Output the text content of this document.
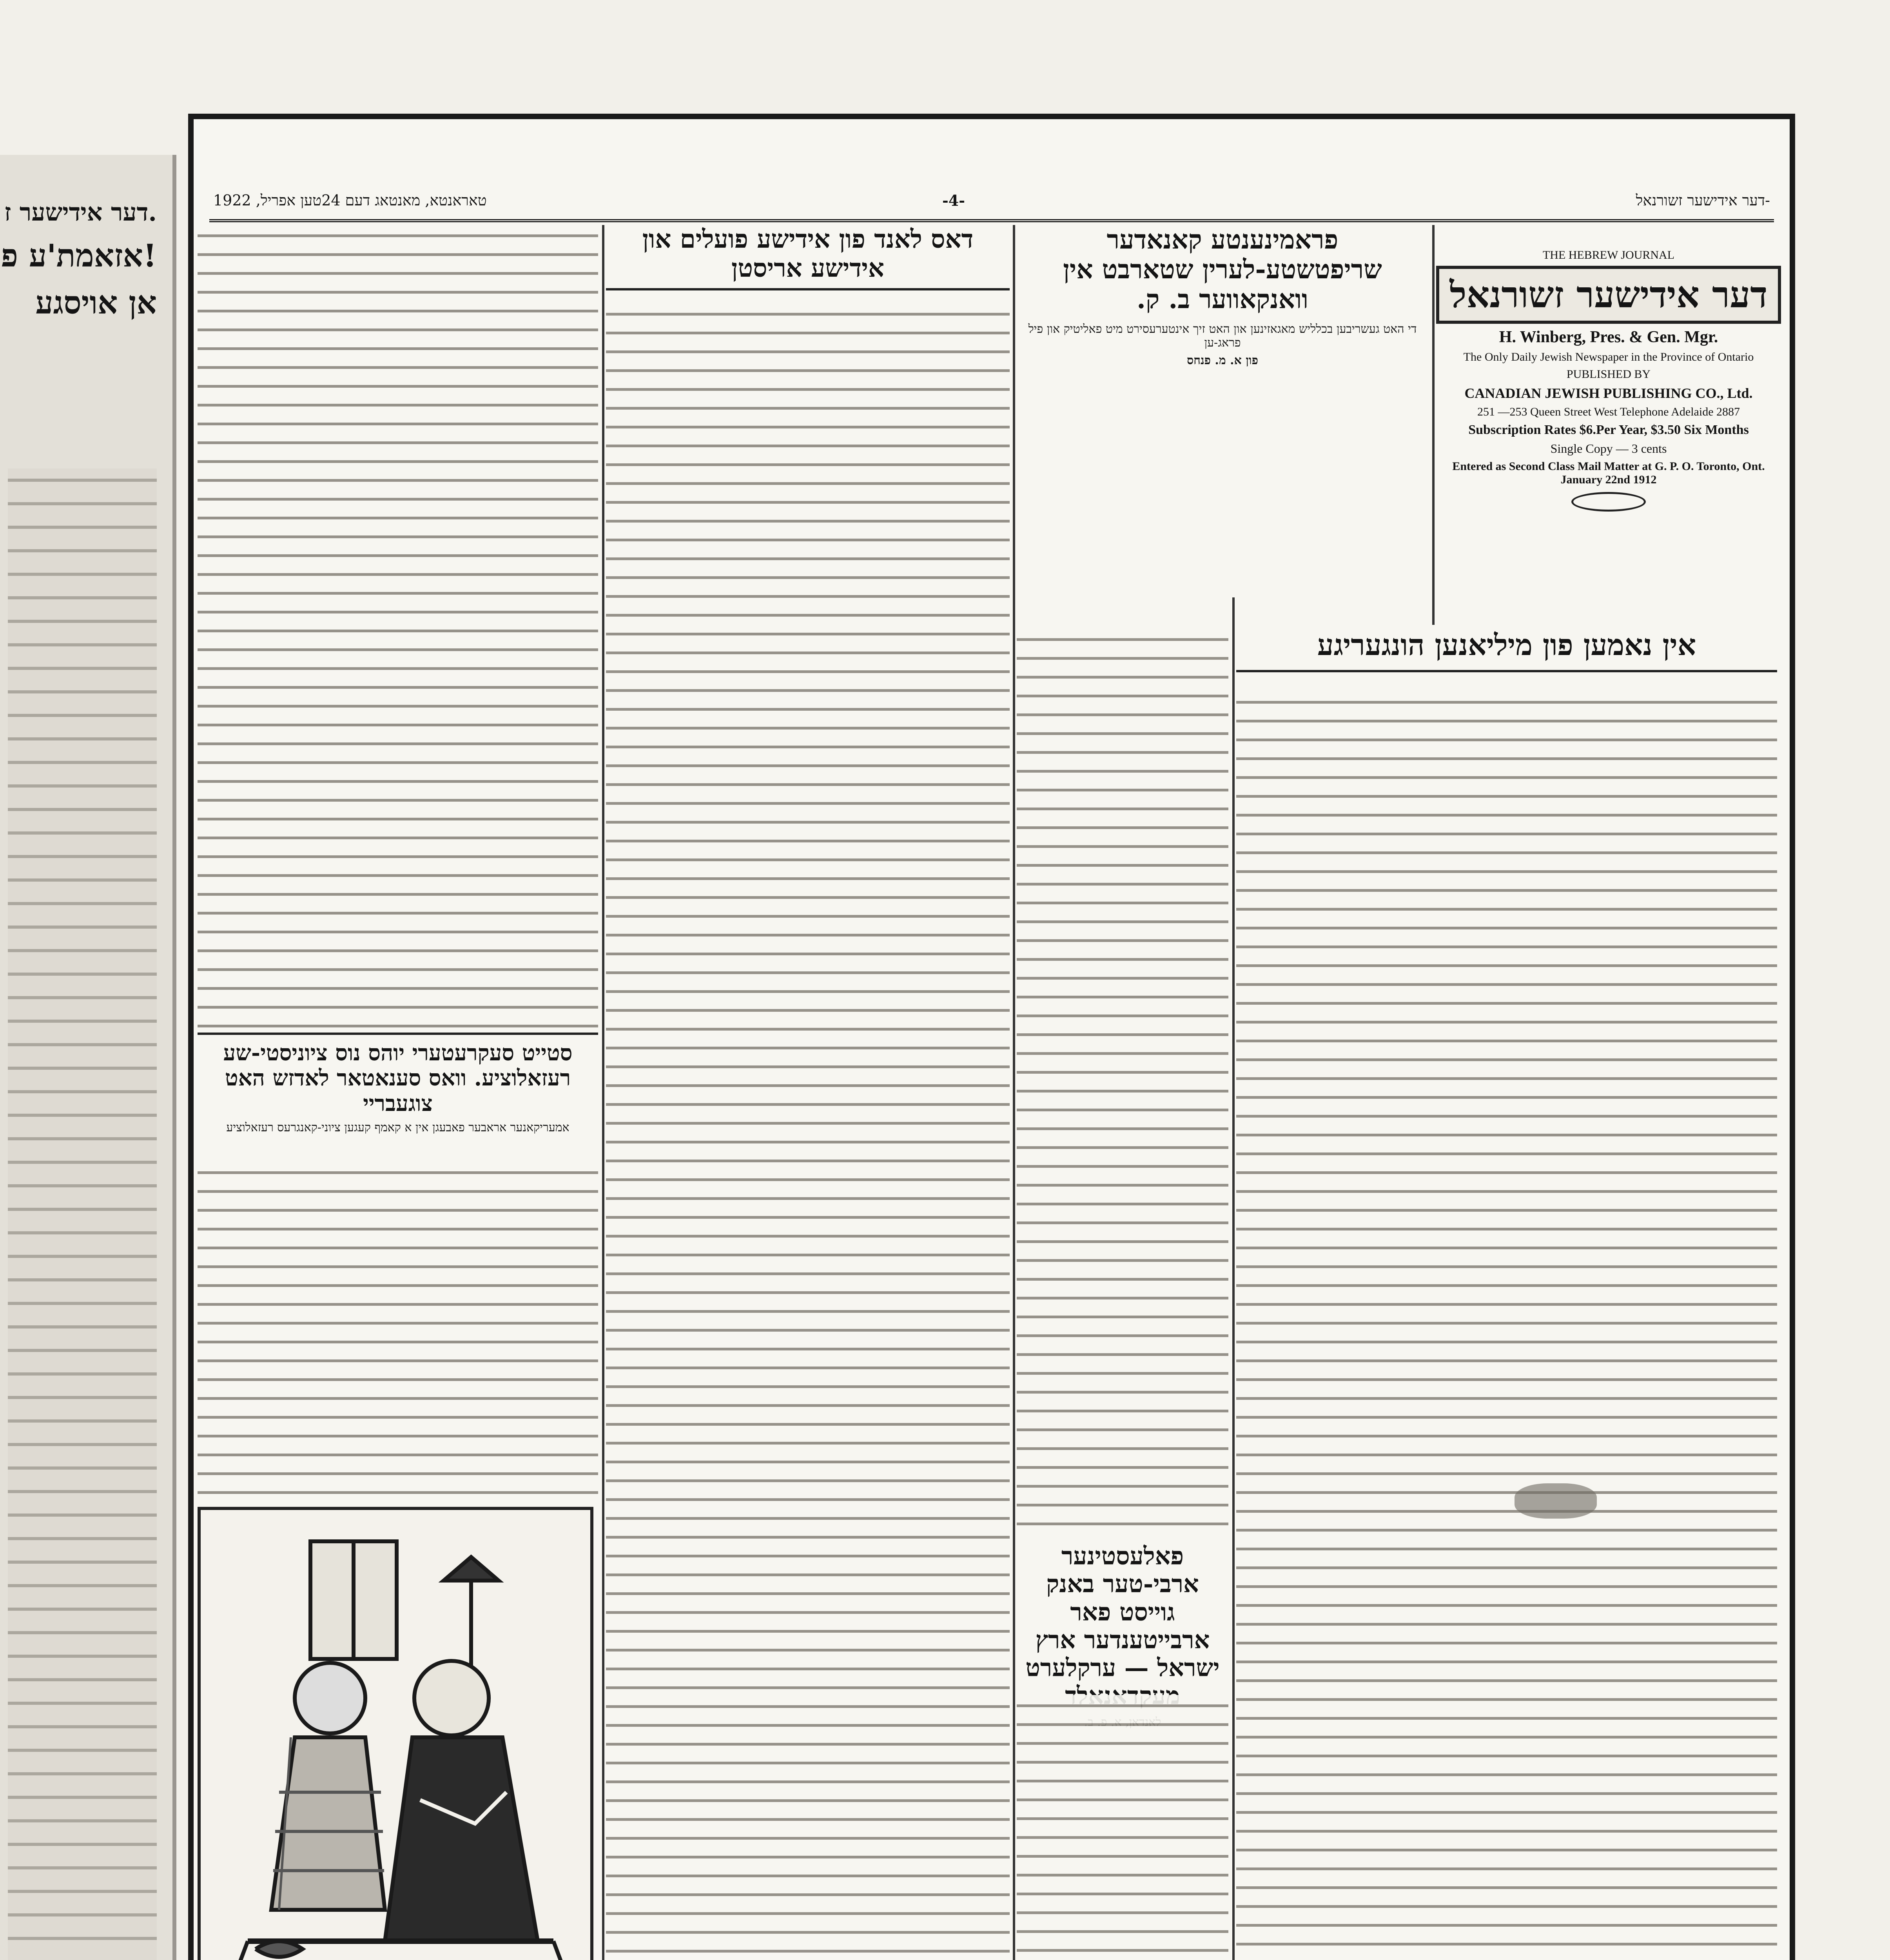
.דער אידישער ז
!אזאמת'ע פ
אן אויסגע
-דער אידישער זשורנאל
-4-
טאראנטא, מאנטאג דעם 24טען אפריל, 1922
THE HEBREW JOURNAL
דער אידישער זשורנאל
H. Winberg, Pres. & Gen. Mgr.
The Only Daily Jewish Newspaper in the Province of Ontario
PUBLISHED BY
CANADIAN JEWISH PUBLISHING CO., Ltd.
251 —253 Queen Street West Telephone Adelaide 2887
Subscription Rates $6.Per Year, $3.50 Six Months
Single Copy — 3 cents
Entered as Second Class Mail Matter at G. P. O. Toronto, Ont. January 22nd 1912
אין נאמען פון מיליאנען הונגעריגע
פראמינענטע קאנאדער שריפטשטע-לערין שטארבט אין וואנקאווער ב. ק.
די האט געשריבען בכלליש מאגאזינען און האט זיך אינטערעסירט מיט פאליטיק און פיל פראג-ען
פון א. מ. פנחס
פאלעסטינער ארבי-טער באנק גוייסט פאר ארבייטענדער ארץ ישראל — ערקלערט
דאס לאנד פון אידישע פועלים און אידישע אריסטן
סטייט סעקרעטערי יוהס נוס ציוניסטי-שע רעזאלוציע. וואס סענאטאר לאדזש האט צוגעבריי
אמעריקאנער אראבער פאבעגן אין א קאמף קעגען ציוני-קאנגרעס רעזאלוציע
